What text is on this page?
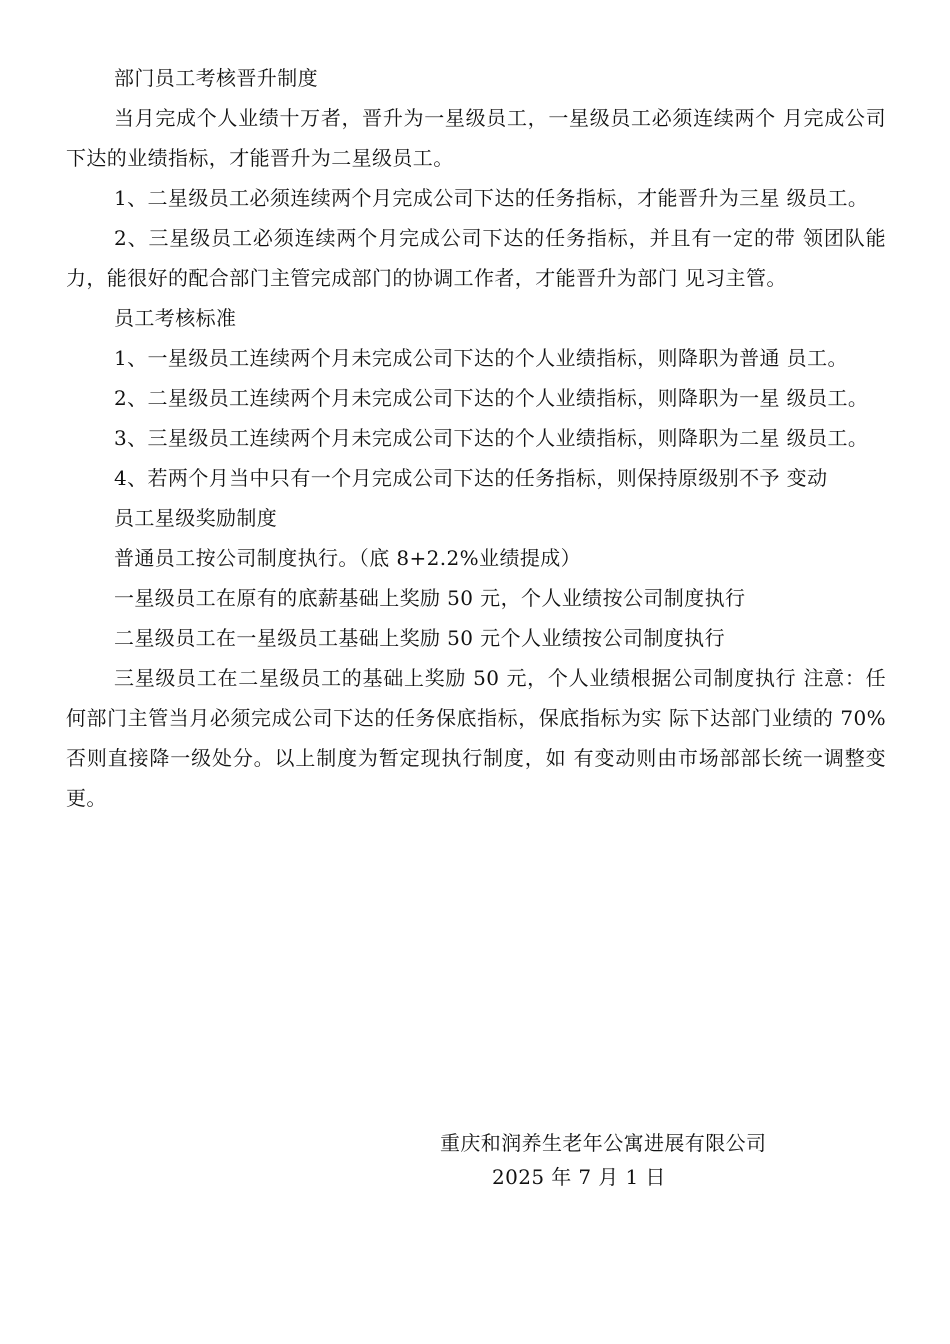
部门员工考核晋升制度

当月完成个人业绩十万者，晋升为一星级员工，一星级员工必须连续两个 月完成公司下达的业绩指标，才能晋升为二星级员工。

1、二星级员工必须连续两个月完成公司下达的任务指标，才能晋升为三星 级员工。

2、三星级员工必须连续两个月完成公司下达的任务指标，并且有一定的带 领团队能力，能很好的配合部门主管完成部门的协调工作者，才能晋升为部门 见习主管。

员工考核标准

1、一星级员工连续两个月未完成公司下达的个人业绩指标，则降职为普通 员工。

2、二星级员工连续两个月未完成公司下达的个人业绩指标，则降职为一星 级员工。

3、三星级员工连续两个月未完成公司下达的个人业绩指标，则降职为二星 级员工。

4、若两个月当中只有一个月完成公司下达的任务指标，则保持原级别不予 变动

员工星级奖励制度

普通员工按公司制度执行。（底 8+2.2%业绩提成）

一星级员工在原有的底薪基础上奖励 50 元，个人业绩按公司制度执行

二星级员工在一星级员工基础上奖励 50 元个人业绩按公司制度执行

三星级员工在二星级员工的基础上奖励 50 元，个人业绩根据公司制度执行 注意：任何部门主管当月必须完成公司下达的任务保底指标，保底指标为实 际下达部门业绩的 70%否则直接降一级处分。以上制度为暂定现执行制度，如 有变动则由市场部部长统一调整变更。

重庆和润养生老年公寓进展有限公司
2025 年 7 月 1 日
